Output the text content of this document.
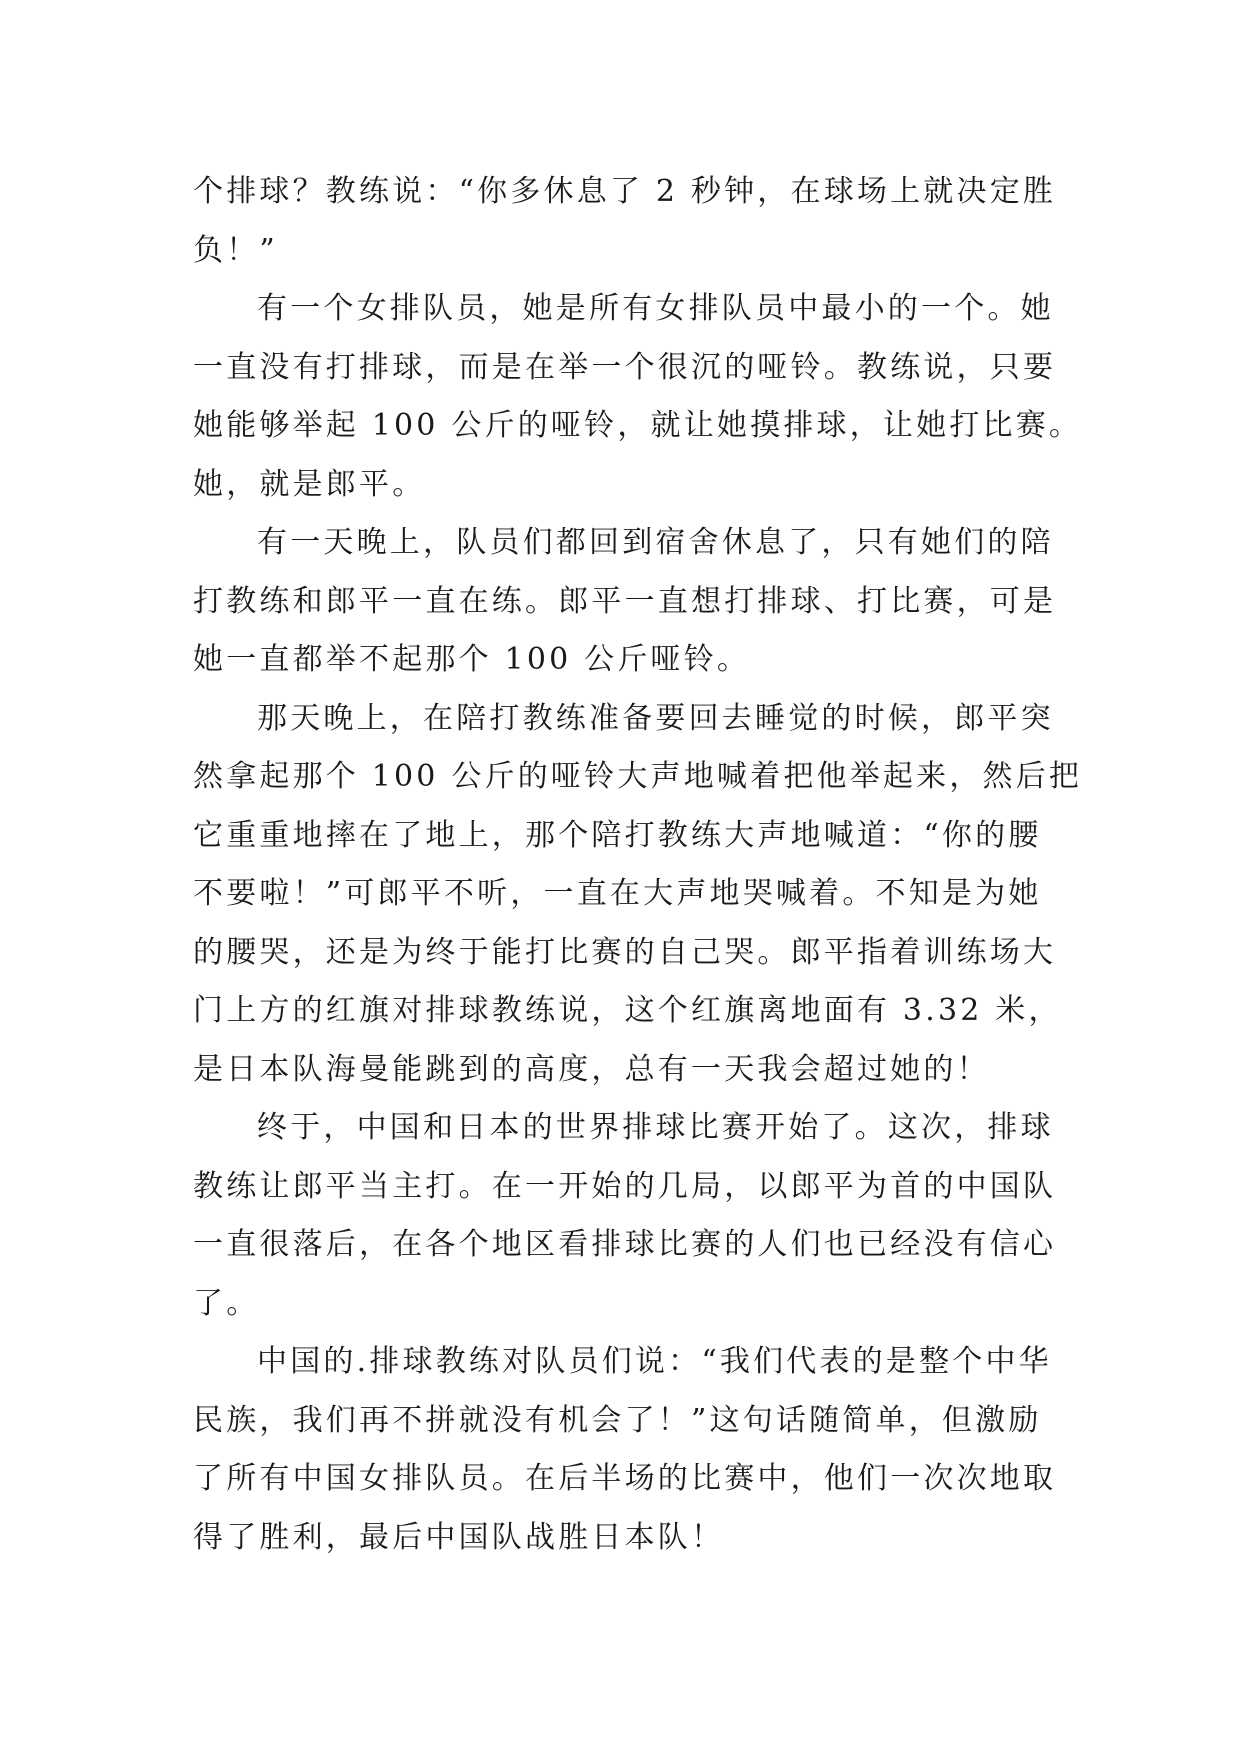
个排球？教练说：“你多休息了 2 秒钟，在球场上就决定胜
负！”
有一个女排队员，她是所有女排队员中最小的一个。她
一直没有打排球，而是在举一个很沉的哑铃。教练说，只要
她能够举起 100 公斤的哑铃，就让她摸排球，让她打比赛。
她，就是郎平。
有一天晚上，队员们都回到宿舍休息了，只有她们的陪
打教练和郎平一直在练。郎平一直想打排球、打比赛，可是
她一直都举不起那个 100 公斤哑铃。
那天晚上，在陪打教练准备要回去睡觉的时候，郎平突
然拿起那个 100 公斤的哑铃大声地喊着把他举起来，然后把
它重重地摔在了地上，那个陪打教练大声地喊道：“你的腰
不要啦！”可郎平不听，一直在大声地哭喊着。不知是为她
的腰哭，还是为终于能打比赛的自己哭。郎平指着训练场大
门上方的红旗对排球教练说，这个红旗离地面有 3.32 米，
是日本队海曼能跳到的高度，总有一天我会超过她的！
终于，中国和日本的世界排球比赛开始了。这次，排球
教练让郎平当主打。在一开始的几局，以郎平为首的中国队
一直很落后，在各个地区看排球比赛的人们也已经没有信心
了。
中国的.排球教练对队员们说：“我们代表的是整个中华
民族，我们再不拼就没有机会了！”这句话随简单，但激励
了所有中国女排队员。在后半场的比赛中，他们一次次地取
得了胜利，最后中国队战胜日本队！
